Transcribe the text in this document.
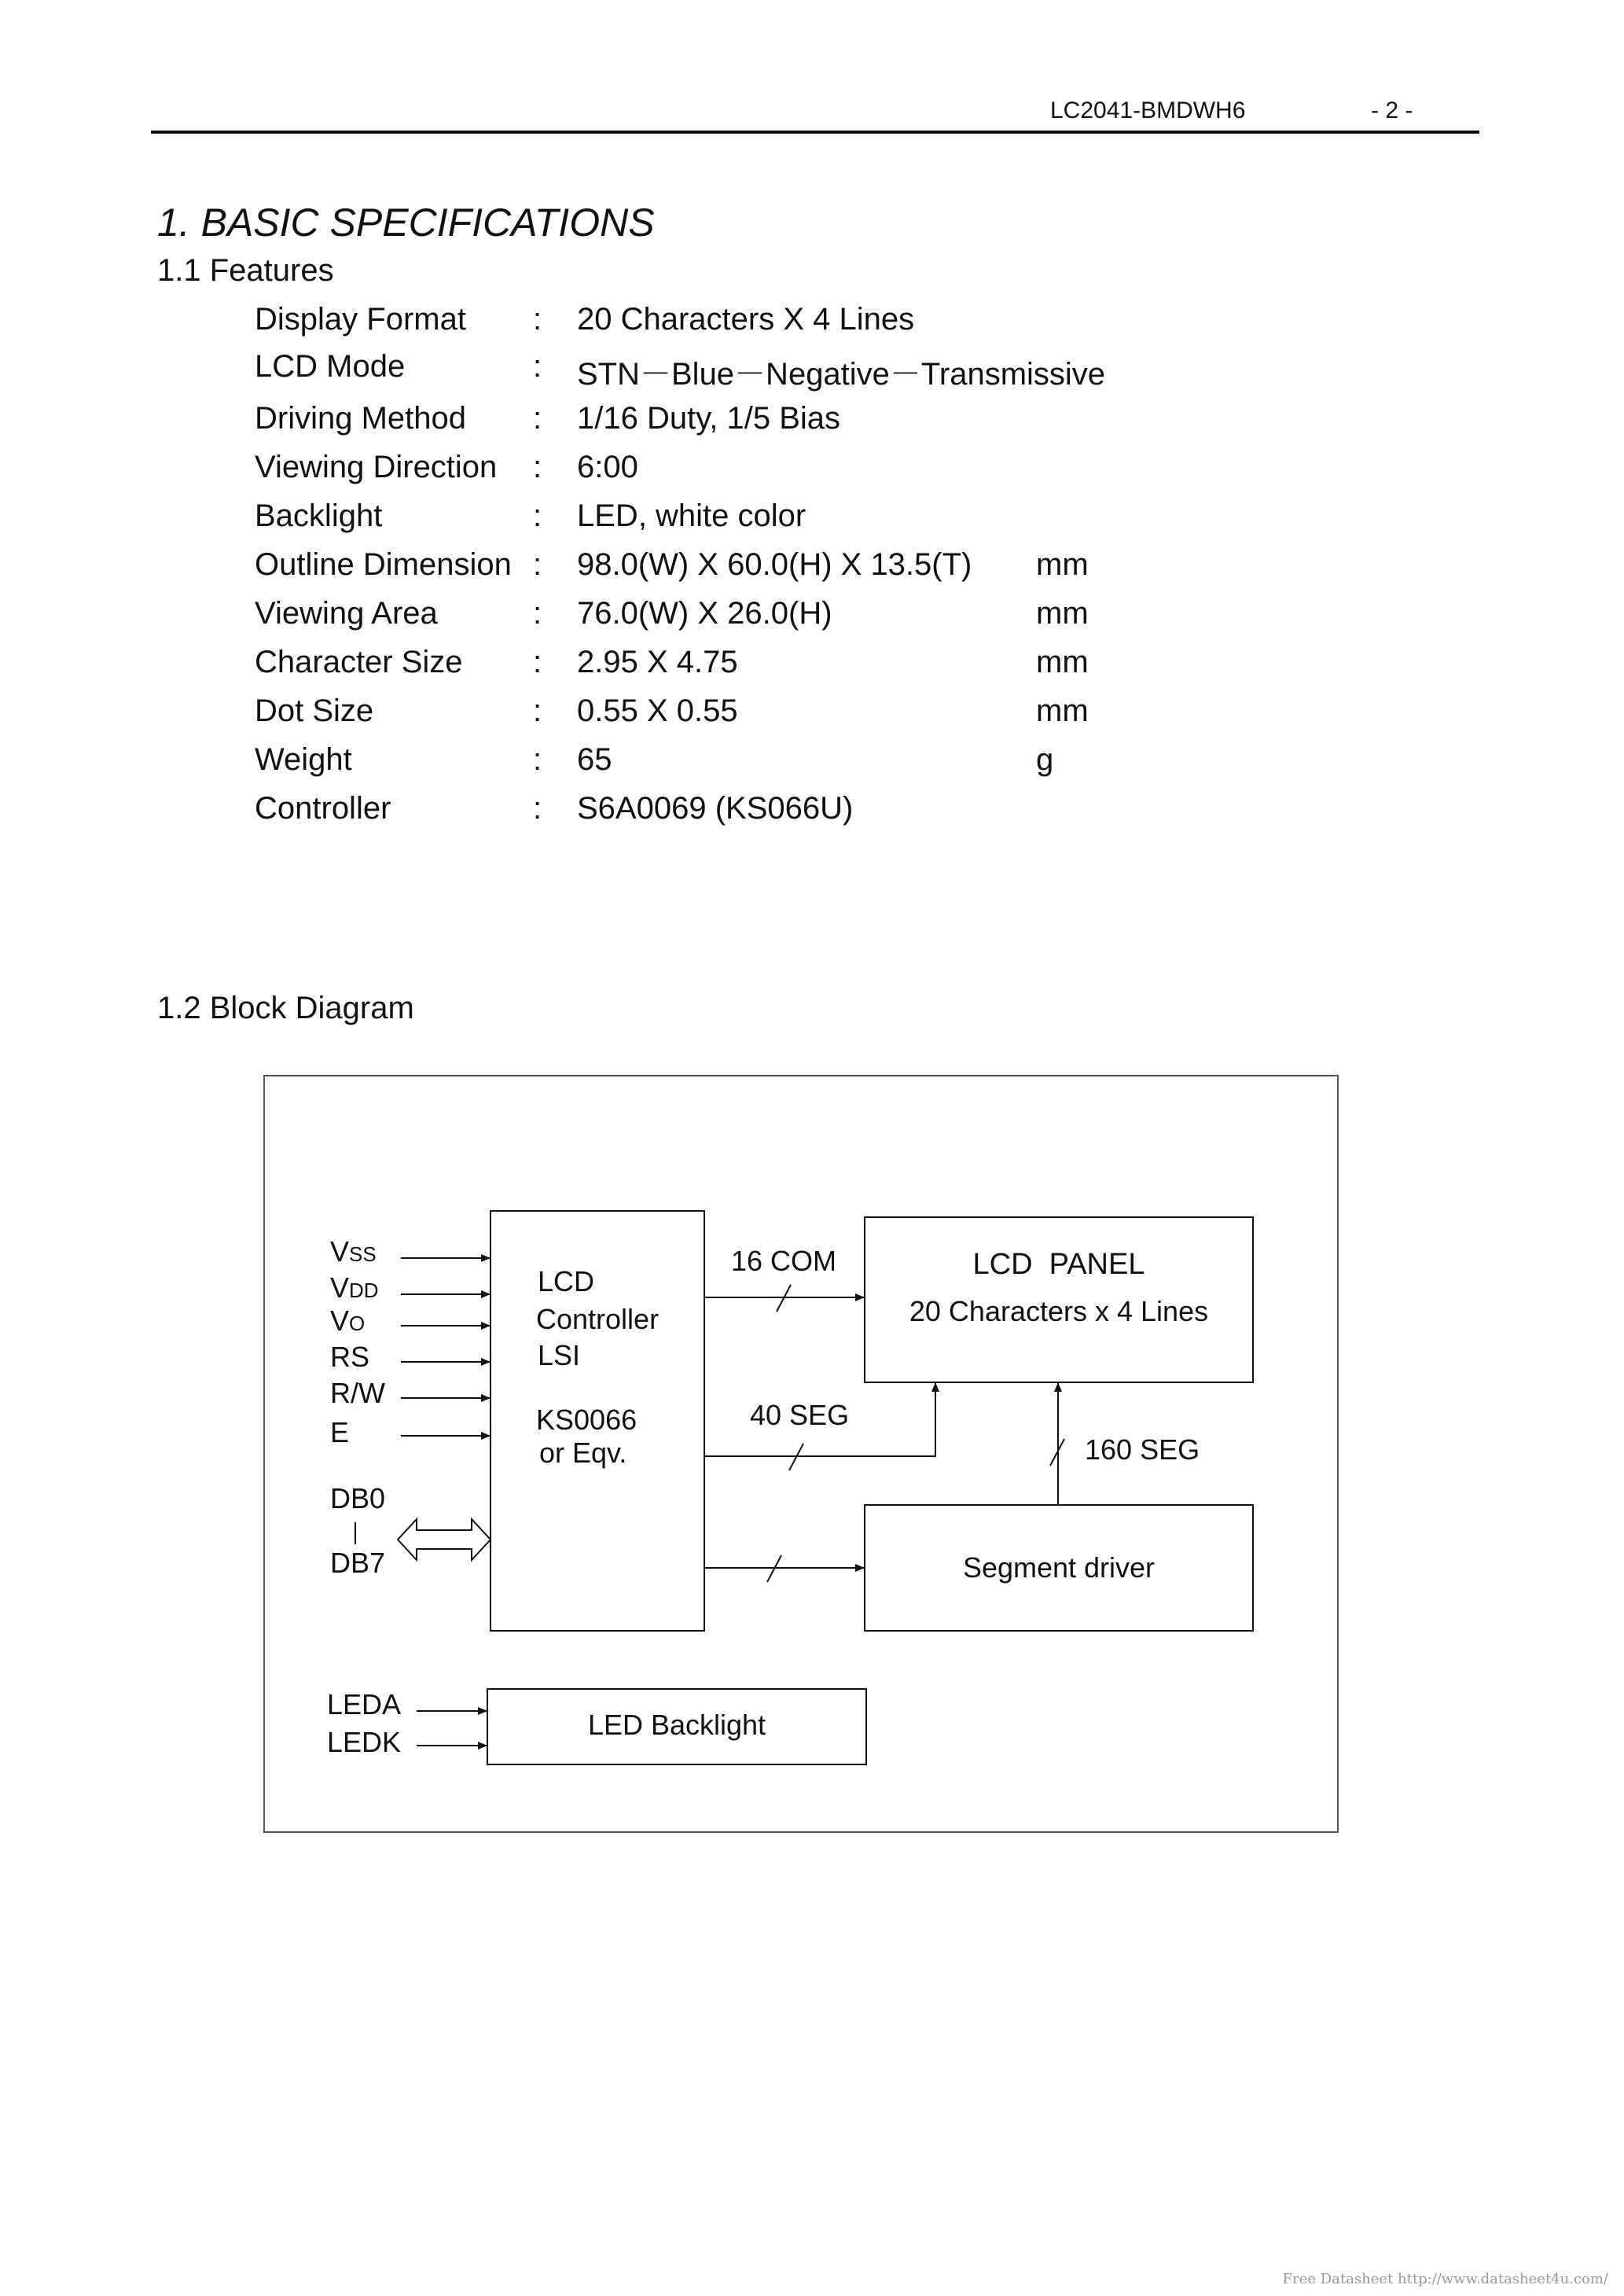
LC2041-BMDWH6	- 2 -
1. BASIC SPECIFICATIONS
1.1 Features
Display Format : 20 Characters X 4 Lines
LCD Mode	: STN－Blue－Negative－Transmissive
Driving Method : 1/16 Duty, 1/5 Bias
Viewing Direction : 6:00
Backlight	: LED, white color
Outline Dimension : 98.0(W) X 60.0(H) X 13.5(T) mm
Viewing Area	: 76.0(W) X 26.0(H)	mm
Character Size : 2.95 X 4.75	mm
Dot Size	: 0.55 X 0.55	mm
Weight	: 65	g
Controller	: S6A0069 (KS066U)
1.2 Block Diagram
VSS
VDD
VO
RS
R/W
E
DB0
DB7
LEDA
LEDK
LCD
Controller
LSI
KS0066
or Eqv.
LCD  PANEL
20 Characters x 4 Lines
Segment driver
LED Backlight
16 COM
40 SEG
160 SEG
Free Datasheet http://www.datasheet4u.com/
